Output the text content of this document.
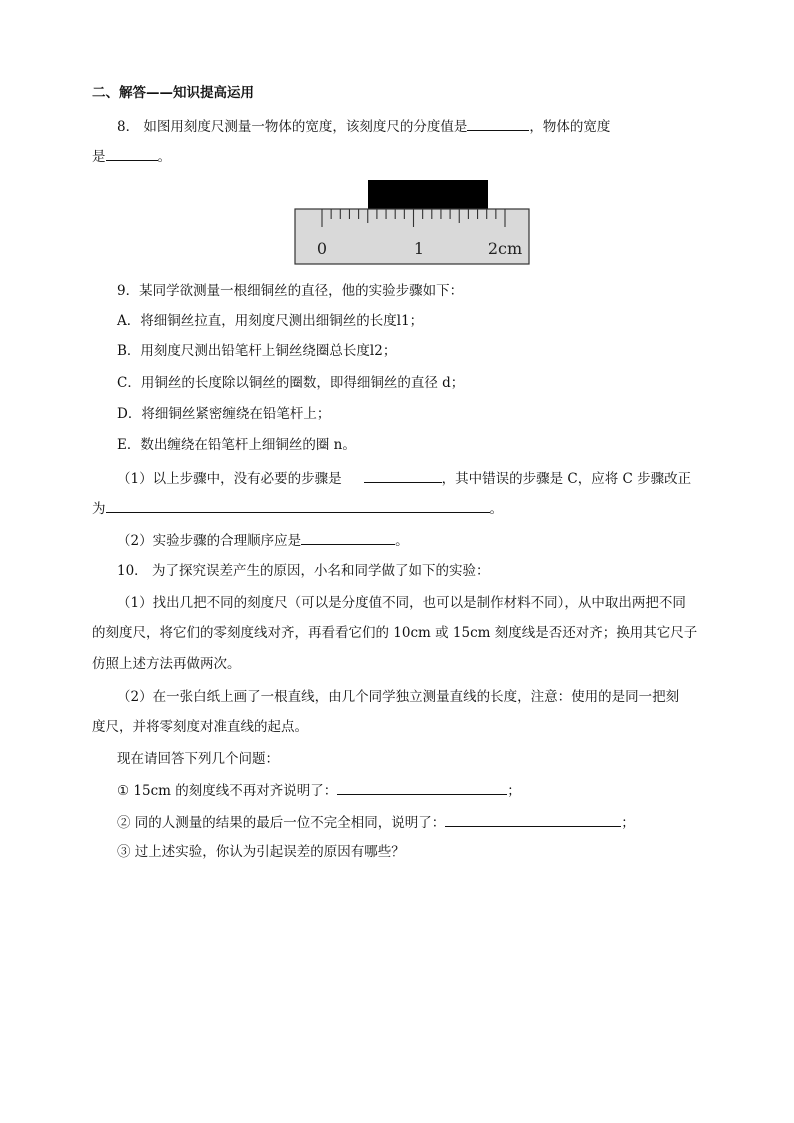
二、解答——知识提高运用
8． 如图用刻度尺测量一物体的宽度，该刻度尺的分度值是	，物体的宽度
是	。
0	1	2cm
9．某同学欲测量一根细铜丝的直径，他的实验步骤如下：
A．将细铜丝拉直，用刻度尺测出细铜丝的长度l1；
B．用刻度尺测出铅笔杆上铜丝绕圈总长度l2；
C．用铜丝的长度除以铜丝的圈数，即得细铜丝的直径 d；
D．将细铜丝紧密缠绕在铅笔杆上；
E．数出缠绕在铅笔杆上细铜丝的圈 n。
（1）以上步骤中，没有必要的步骤是	，其中错误的步骤是 C，应将 C 步骤改正
为	。
（2）实验步骤的合理顺序应是	。
10． 为了探究误差产生的原因，小名和同学做了如下的实验：
（1）找出几把不同的刻度尺（可以是分度值不同，也可以是制作材料不同），从中取出两把不同
的刻度尺，将它们的零刻度线对齐，再看看它们的 10cm 或 15cm 刻度线是否还对齐；换用其它尺子
仿照上述方法再做两次。
（2）在一张白纸上画了一根直线，由几个同学独立测量直线的长度，注意：使用的是同一把刻
度尺，并将零刻度对准直线的起点。
现在请回答下列几个问题：
① 15cm 的刻度线不再对齐说明了：	；
② 同的人测量的结果的最后一位不完全相同，说明了：	；
③ 过上述实验，你认为引起误差的原因有哪些？
